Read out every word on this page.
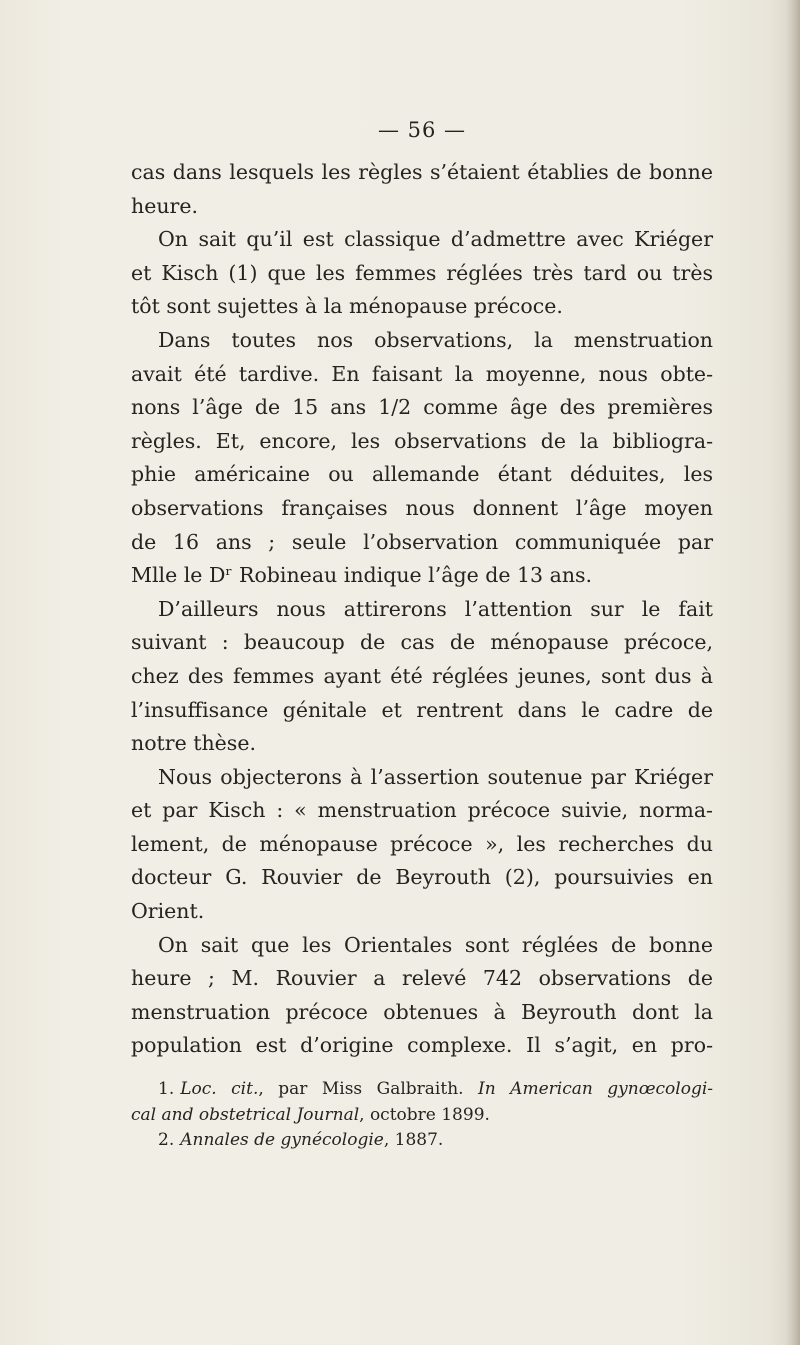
— 56 —
cas dans lesquels les règles s’étaient établies de bonne
heure.
On sait qu’il est classique d’admettre avec Kriéger
et Kisch (1) que les femmes réglées très tard ou très
tôt sont sujettes à la ménopause précoce.
Dans toutes nos observations, la menstruation
avait été tardive. En faisant la moyenne, nous obte-
nons l’âge de 15 ans 1/2 comme âge des premières
règles. Et, encore, les observations de la bibliogra-
phie américaine ou allemande étant déduites, les
observations françaises nous donnent l’âge moyen
de 16 ans ; seule l’observation communiquée par
Mlle le Dʳ Robineau indique l’âge de 13 ans.
D’ailleurs nous attirerons l’attention sur le fait
suivant : beaucoup de cas de ménopause précoce,
chez des femmes ayant été réglées jeunes, sont dus à
l’insuffisance génitale et rentrent dans le cadre de
notre thèse.
Nous objecterons à l’assertion soutenue par Kriéger
et par Kisch : « menstruation précoce suivie, norma-
lement, de ménopause précoce », les recherches du
docteur G. Rouvier de Beyrouth (2), poursuivies en
Orient.
On sait que les Orientales sont réglées de bonne
heure ; M. Rouvier a relevé 742 observations de
menstruation précoce obtenues à Beyrouth dont la
population est d’origine complexe. Il s’agit, en pro-
1. Loc. cit., par Miss Galbraith. In American gynœcologi-
cal and obstetrical Journal, octobre 1899.
2. Annales de gynécologie, 1887.
